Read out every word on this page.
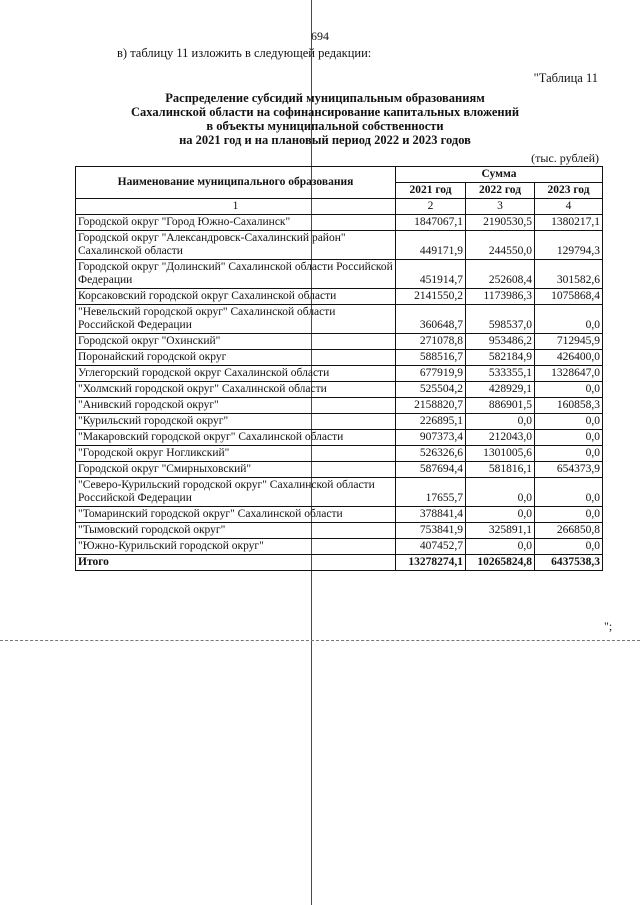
694
в) таблицу 11 изложить в следующей редакции:
"Таблица 11
Распределение субсидий муниципальным образованиям
Сахалинской области на софинансирование капитальных вложений
в объекты муниципальной собственности
на 2021 год и на плановый период 2022 и 2023 годов
(тыс. рублей)
Наименование муниципального образования	Сумма		
	2021 год	2022 год	2023 год
1	2	3	4
Городской округ "Город Южно-Сахалинск"	1847067,1	2190530,5	1380217,1
Городской округ "Александровск-Сахалинский район" Сахалинской области	449171,9	244550,0	129794,3
Городской округ "Долинский" Сахалинской области Российской Федерации	451914,7	252608,4	301582,6
Корсаковский городской округ Сахалинской области	2141550,2	1173986,3	1075868,4
"Невельский городской округ" Сахалинской области Российской Федерации	360648,7	598537,0	0,0
Городской округ "Охинский"	271078,8	953486,2	712945,9
Поронайский городской округ	588516,7	582184,9	426400,0
Углегорский городской округ Сахалинской области	677919,9	533355,1	1328647,0
"Холмский городской округ" Сахалинской области	525504,2	428929,1	0,0
"Анивский городской округ"	2158820,7	886901,5	160858,3
"Курильский городской округ"	226895,1	0,0	0,0
"Макаровский городской округ" Сахалинской области	907373,4	212043,0	0,0
"Городской округ Ногликский"	526326,6	1301005,6	0,0
Городской округ "Смирныховский"	587694,4	581816,1	654373,9
"Северо-Курильский городской округ" Сахалинской области Российской Федерации	17655,7	0,0	0,0
"Томаринский городской округ" Сахалинской области	378841,4	0,0	0,0
"Тымовский городской округ"	753841,9	325891,1	266850,8
"Южно-Курильский городской округ"	407452,7	0,0	0,0
Итого	13278274,1	10265824,8	6437538,3
";
